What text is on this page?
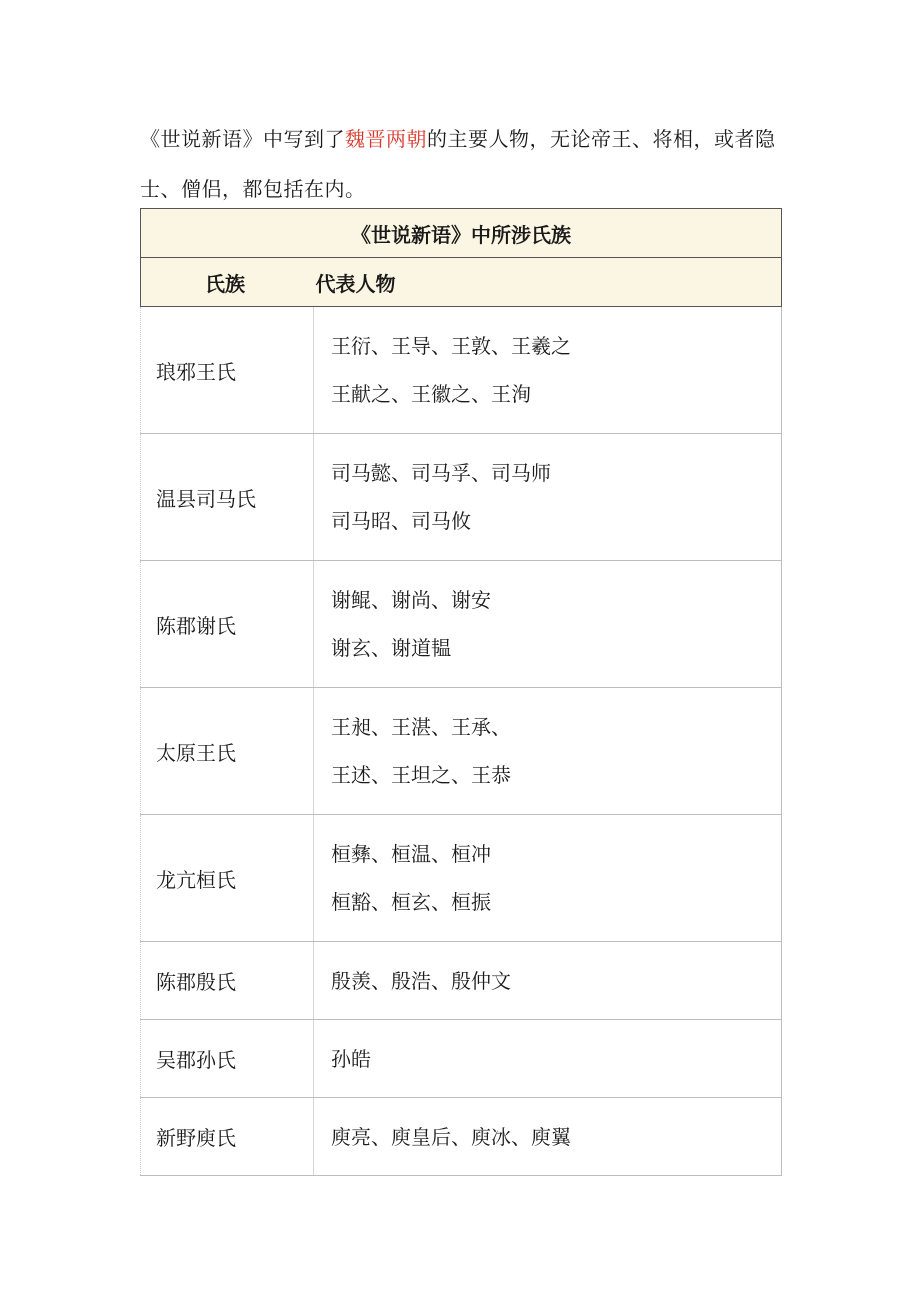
《世说新语》中写到了魏晋两朝的主要人物，无论帝王、将相，或者隐士、僧侣，都包括在内。

《世说新语》中所涉氏族	
氏族	代表人物
琅邪王氏	王衍、王导、王敦、王羲之
王献之、王徽之、王洵

温县司马氏	司马懿、司马孚、司马师
司马昭、司马攸

陈郡谢氏	谢鲲、谢尚、谢安
谢玄、谢道韫

太原王氏	王昶、王湛、王承、
王述、王坦之、王恭

龙亢桓氏	桓彝、桓温、桓冲
桓豁、桓玄、桓振

陈郡殷氏	殷羡、殷浩、殷仲文

吴郡孙氏	孙皓

新野庾氏	庾亮、庾皇后、庾冰、庾翼
